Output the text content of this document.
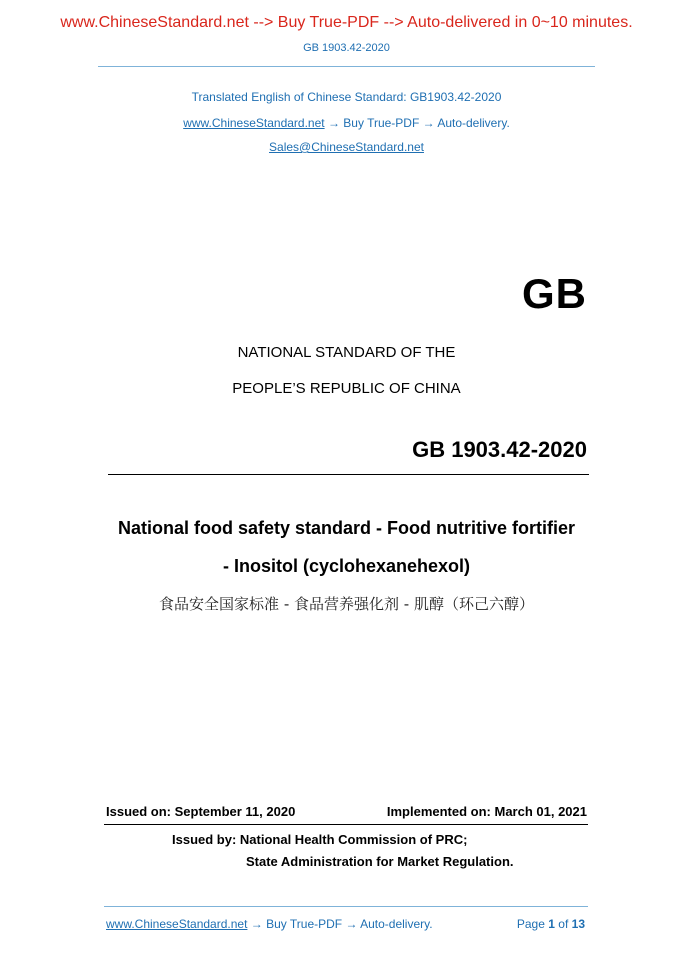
www.ChineseStandard.net --> Buy True-PDF --> Auto-delivered in 0~10 minutes.
GB 1903.42-2020
Translated English of Chinese Standard: GB1903.42-2020
www.ChineseStandard.net → Buy True-PDF → Auto-delivery.
Sales@ChineseStandard.net
GB
NATIONAL STANDARD OF THE
PEOPLE’S REPUBLIC OF CHINA
GB 1903.42-2020
National food safety standard - Food nutritive fortifier
- Inositol (cyclohexanehexol)
食品安全国家标准 - 食品营养强化剂 - 肌醇（环己六醇）
Issued on: September 11, 2020	Implemented on: March 01, 2021
Issued by: National Health Commission of PRC;
State Administration for Market Regulation.
www.ChineseStandard.net → Buy True-PDF → Auto-delivery.	Page 1 of 13
